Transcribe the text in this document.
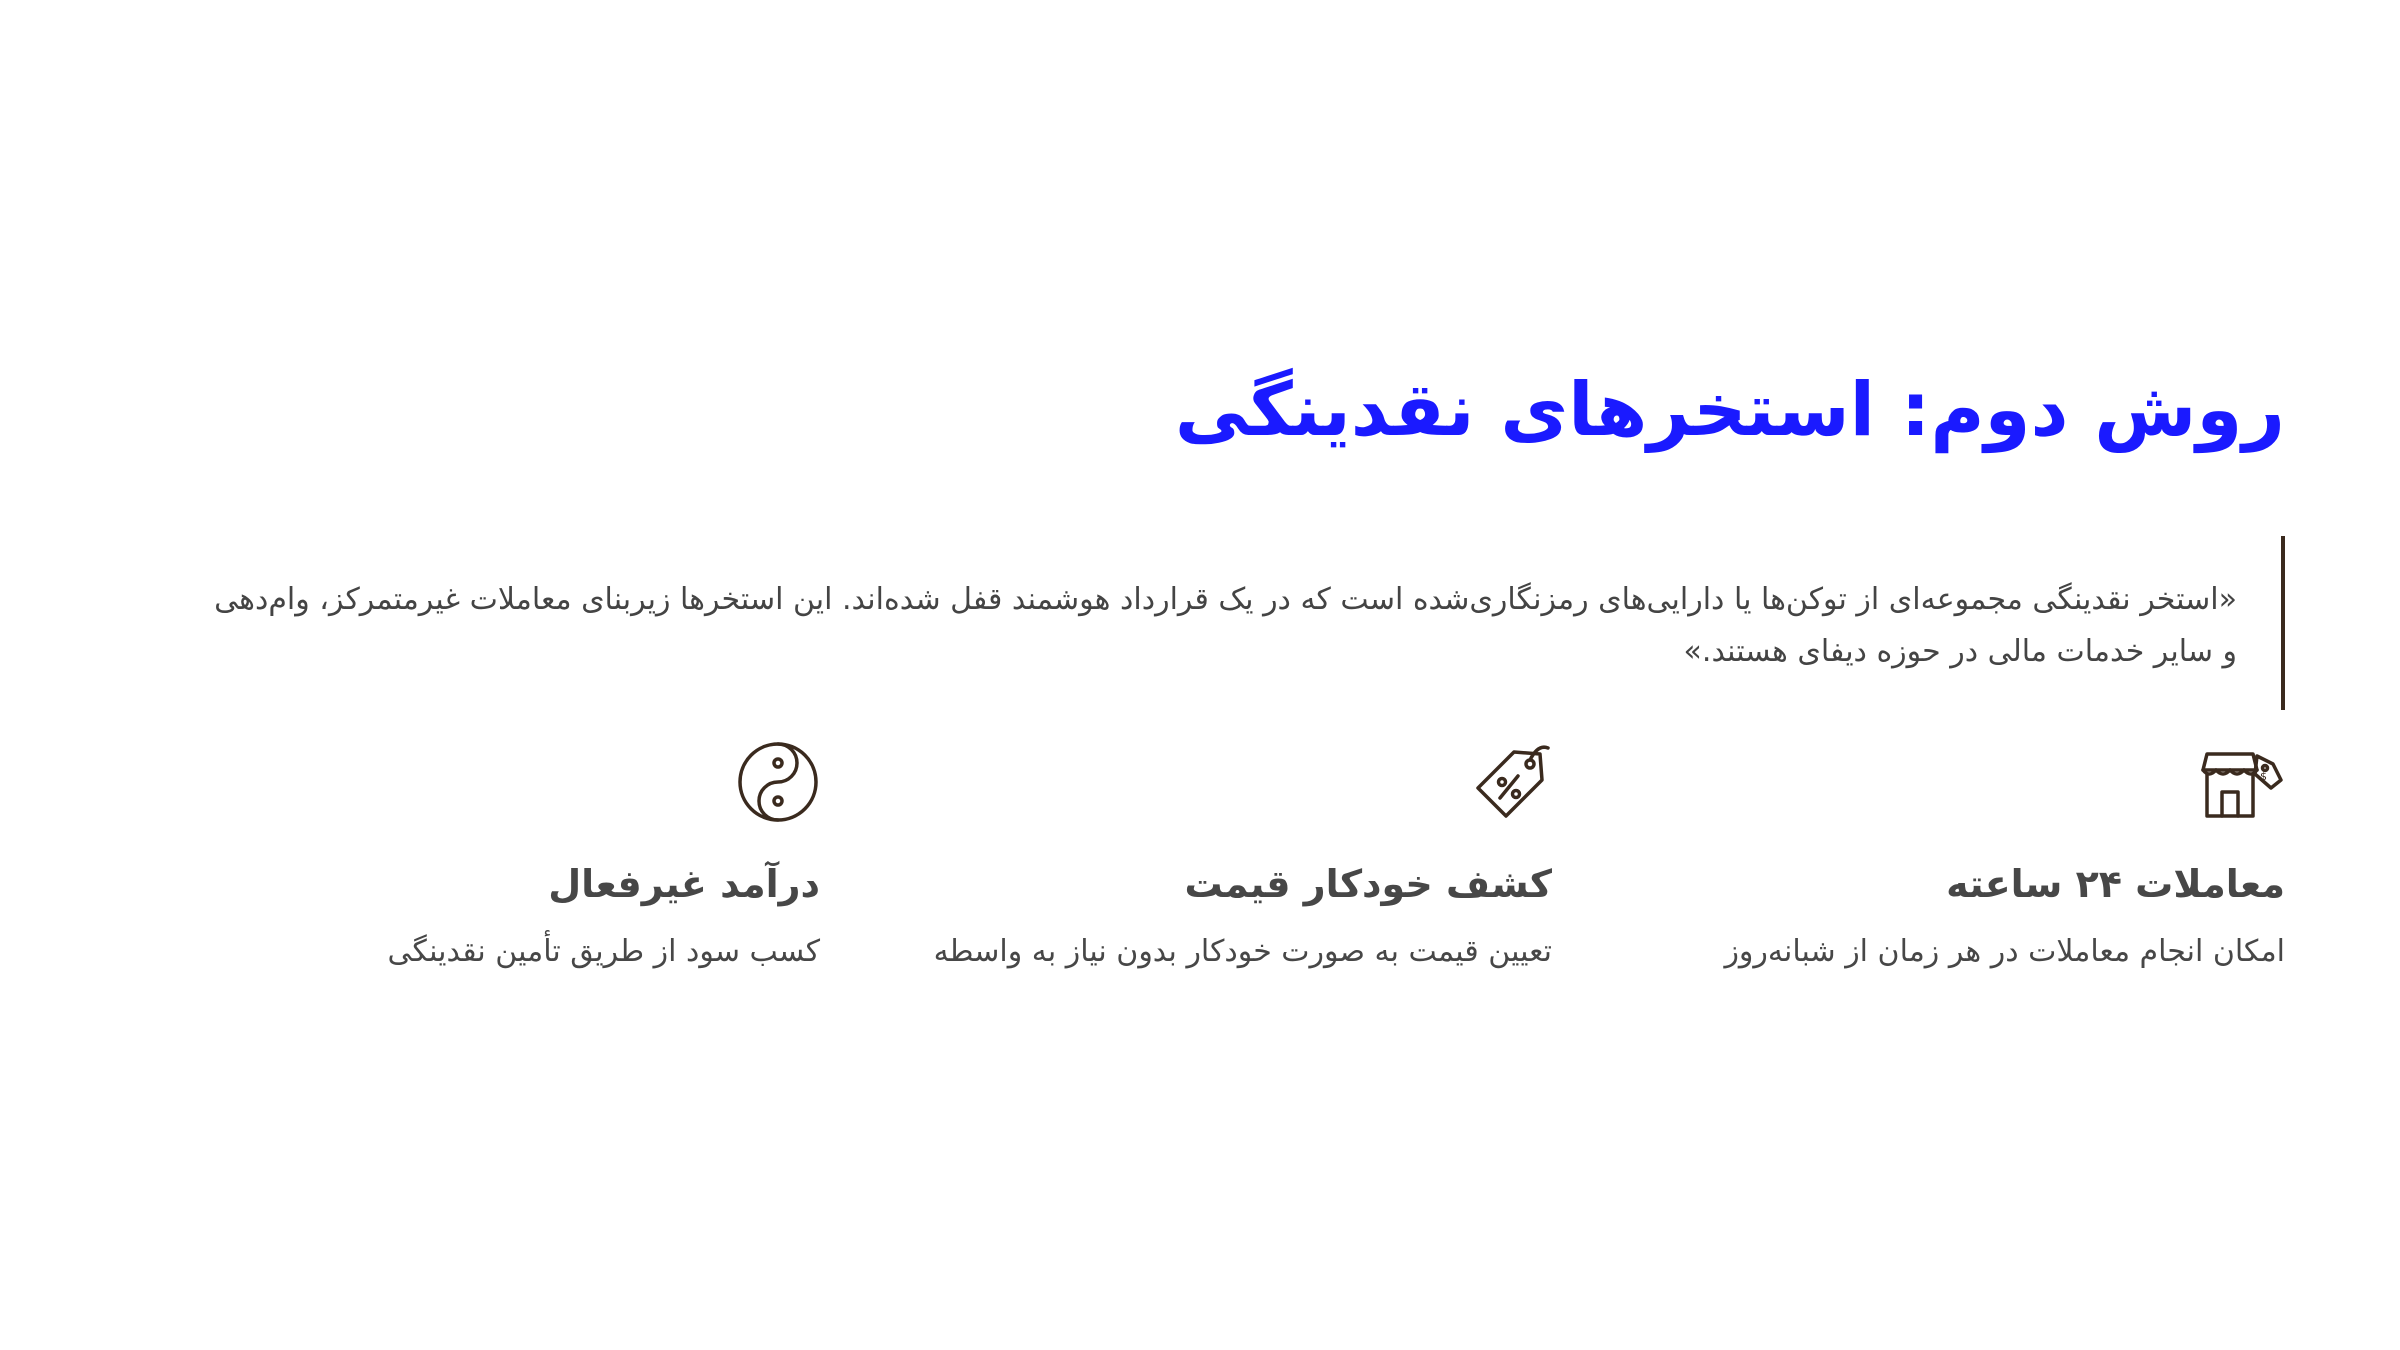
روش دوم: استخرهای نقدینگی
«استخر نقدینگی مجموعه‌ای از توکن‌ها یا دارایی‌های رمزنگاری‌شده است که در یک قرارداد هوشمند قفل شده‌اند. این استخرها زیربنای معاملات غیرمتمرکز، وام‌دهی و سایر خدمات مالی در حوزه دیفای هستند.»
$
معاملات ۲۴ ساعته
امکان انجام معاملات در هر زمان از شبانه‌روز
کشف خودکار قیمت
تعیین قیمت به صورت خودکار بدون نیاز به واسطه
درآمد غیرفعال
کسب سود از طریق تأمین نقدینگی
